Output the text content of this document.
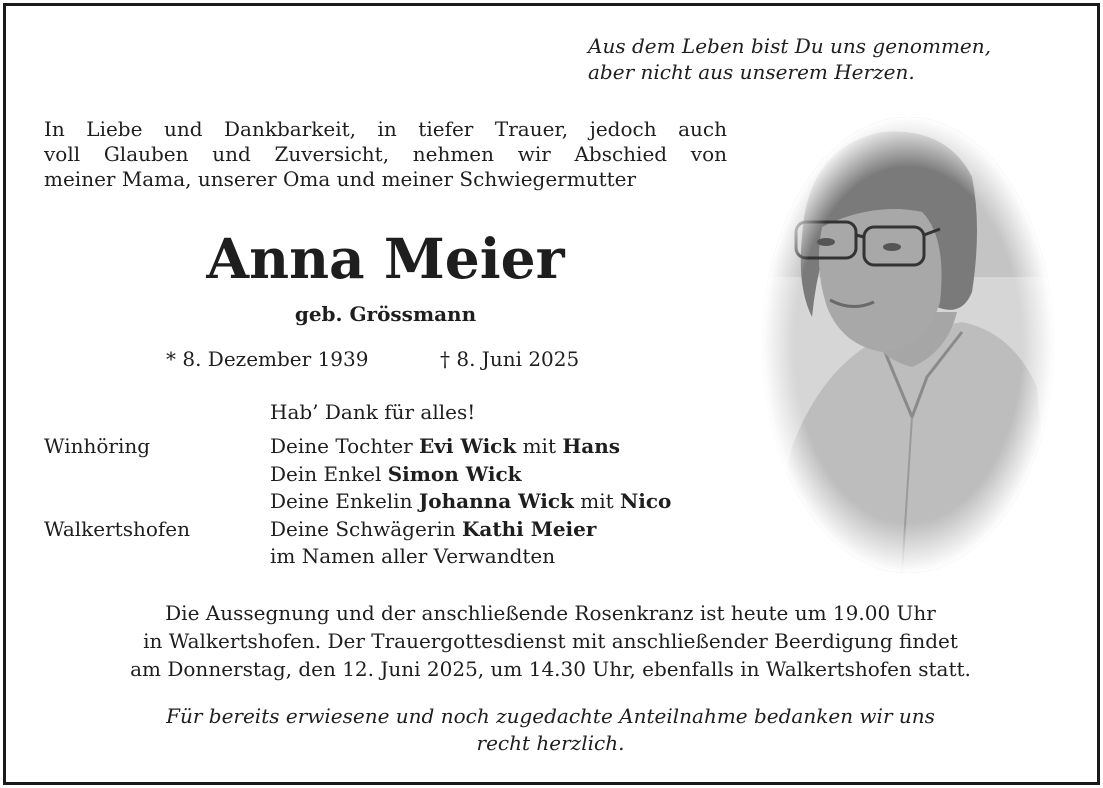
Aus dem Leben bist Du uns genommen,
aber nicht aus unserem Herzen.
In Liebe und Dankbarkeit, in tiefer Trauer, jedoch auch
voll Glauben und Zuversicht, nehmen wir Abschied von
meiner Mama, unserer Oma und meiner Schwiegermutter
Anna Meier
geb. Grössmann
* 8. Dezember 1939	† 8. Juni 2025
Hab’ Dank für alles!
Winhöring	Deine Tochter Evi Wick mit Hans
Dein Enkel Simon Wick
Deine Enkelin Johanna Wick mit Nico
Walkertshofen	Deine Schwägerin Kathi Meier
im Namen aller Verwandten
Die Aussegnung und der anschließende Rosenkranz ist heute um 19.00 Uhr
in Walkertshofen. Der Trauergottesdienst mit anschließender Beerdigung findet
am Donnerstag, den 12. Juni 2025, um 14.30 Uhr, ebenfalls in Walkertshofen statt.
Für bereits erwiesene und noch zugedachte Anteilnahme bedanken wir uns
recht herzlich.
